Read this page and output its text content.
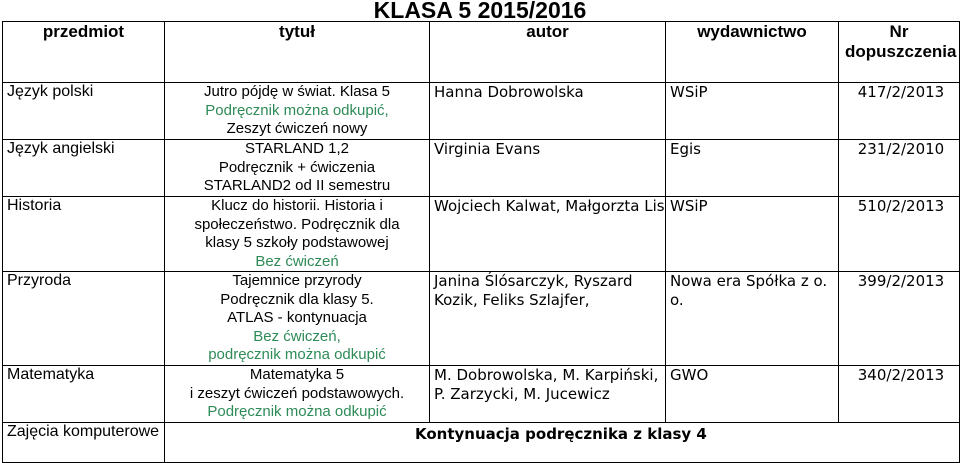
KLASA 5 2015/2016
przedmiot	tytuł	autor	wydawnictwo	Nr dopuszczenia
Język polski	Jutro pójdę w świat. Klasa 5
Podręcznik można odkupić,
Zeszyt ćwiczeń nowy	Hanna Dobrowolska	WSiP	417/2/2013
Język angielski	STARLAND 1,2
Podręcznik + ćwiczenia
STARLAND2 od II semestru	Virginia Evans	Egis	231/2/2010
Historia	Klucz do historii. Historia i
społeczeństwo. Podręcznik dla
klasy 5 szkoły podstawowej
Bez ćwiczeń	Wojciech Kalwat, Małgorzta Lis	WSiP	510/2/2013
Przyroda	Tajemnice przyrody
Podręcznik dla klasy 5.
ATLAS - kontynuacja
Bez ćwiczeń,
podręcznik można odkupić	Janina Ślósarczyk, Ryszard Kozik, Feliks Szlajfer,	Nowa era Spółka z o. o.	399/2/2013
Matematyka	Matematyka 5
i zeszyt ćwiczeń podstawowych.
Podręcznik można odkupić	M. Dobrowolska, M. Karpiński, P. Zarzycki, M. Jucewicz	GWO	340/2/2013
Zajęcia komputerowe	Kontynuacja podręcznika z klasy 4			
